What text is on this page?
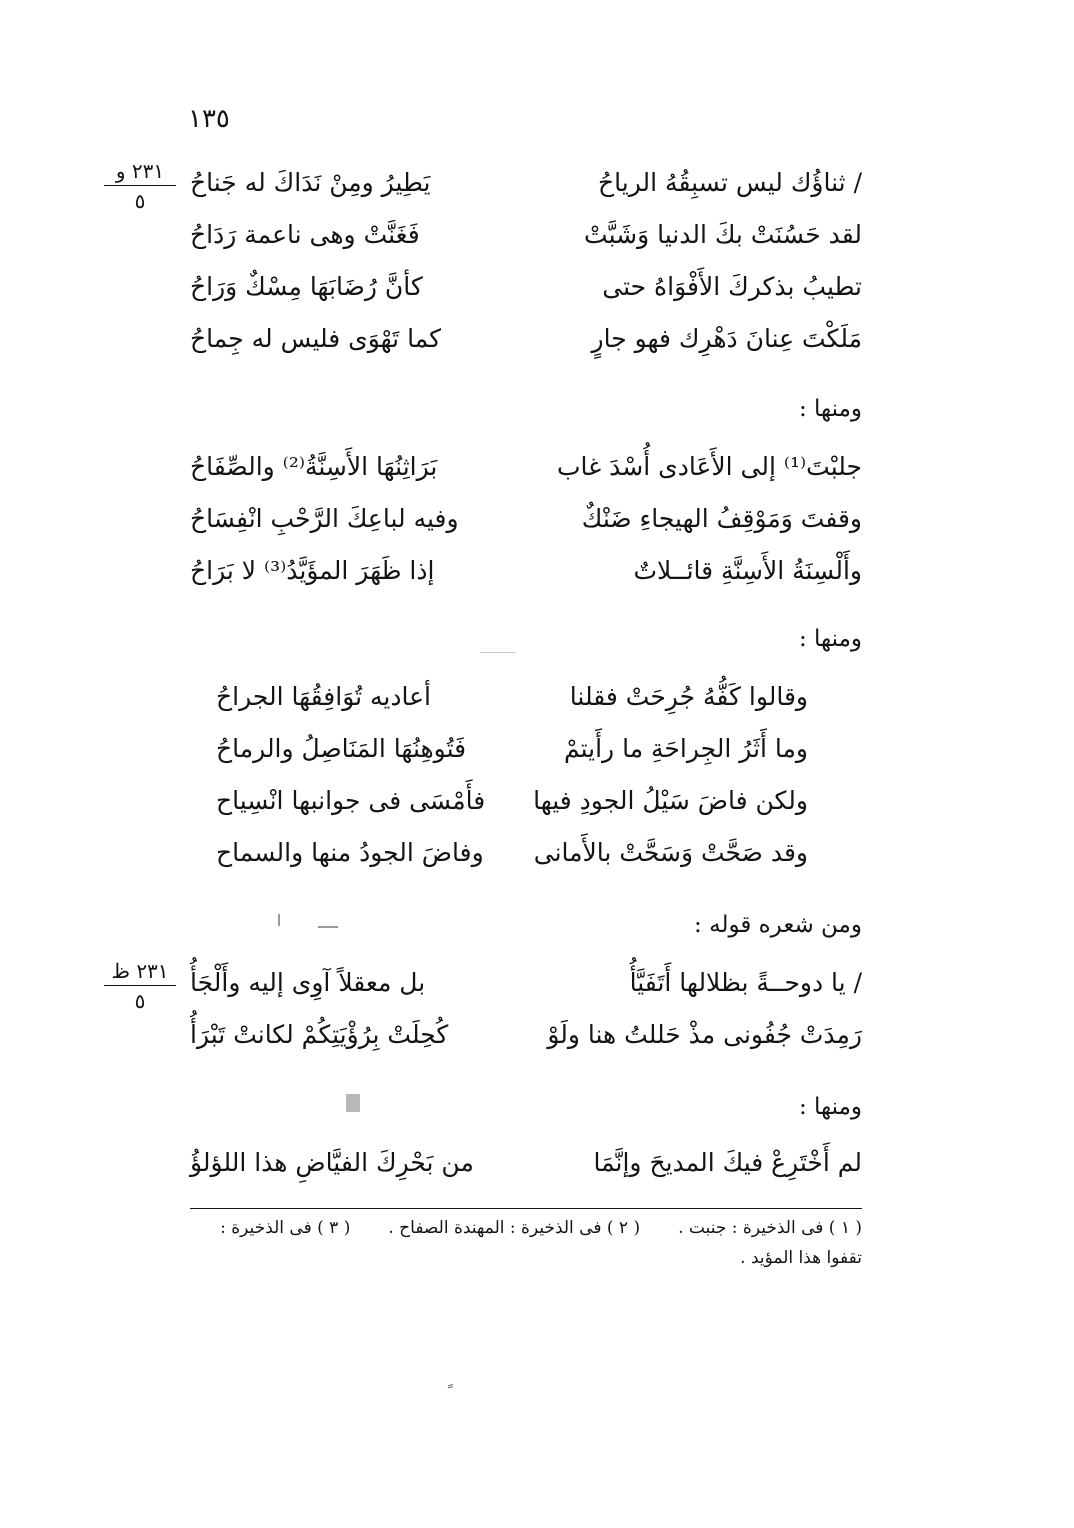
١٣٥
٢٣١ و
٥
٢٣١ ظ
٥
/ ثناؤُك ليس تسبِقُهُ الرياحُ
يَطِيرُ ومِنْ نَدَاكَ له جَناحُ
لقد حَسُنَتْ بكَ الدنيا وَشَبَّتْ
فَغَنَّتْ وهى ناعمة رَدَاحُ
تطيبُ بذكركَ الأَفْوَاهُ حتى
كأنَّ رُضَابَهَا مِسْكٌ وَرَاحُ
مَلَكْتَ عِنانَ دَهْرِك فهو جارٍ
كما تَهْوَى فليس له جِماحُ
ومنها :
جلبْتَ⁽¹⁾ إلى الأَعَادى أُسْدَ غاب
بَرَاثِنُهَا الأَسِنَّةُ⁽²⁾ والصِّفَاحُ
وقفتَ وَمَوْقِفُ الهيجاءِ ضَنْكٌ
وفيه لباعِكَ الرَّحْبِ انْفِسَاحُ
وأَلْسِنَةُ الأَسِنَّةِ قائــلاتٌ
إذا ظَهَرَ المؤَيَّدُ⁽³⁾ لا بَرَاحُ
ومنها :
وقالوا كَفُّهُ جُرِحَتْ فقلنا
أعاديه تُوَافِقُهَا الجراحُ
وما أَثَرُ الجِراحَةِ ما رأَيتمْ
فَتُوهِنُهَا المَنَاصِلُ والرماحُ
ولكن فاضَ سَيْلُ الجودِ فيها
فأَمْسَى فى جوانبها انْسِياح
وقد صَحَّتْ وَسَحَّتْ بالأَمانى
وفاضَ الجودُ منها والسماح
ومن شعره قوله :
/ يا دوحــةً بظلالها أَتَفَيَّأُ
بل معقلاً آوِى إليه وأَلْجَأُ
رَمِدَتْ جُفُونى مذْ حَللتُ هنا ولَوْ
كُحِلَتْ بِرُؤْيَتِكُمْ لكانتْ تَبْرَأُ
ومنها :
لم أَخْتَرِعْ فيكَ المديحَ وإنَّمَا
من بَحْرِكَ الفيَّاضِ هذا اللؤلؤُ
( ١ ) فى الذخيرة : جنبت .( ٢ ) فى الذخيرة : المهندة الصفاح .( ٣ ) فى الذخيرة :
تقفوا هذا المؤيد .
